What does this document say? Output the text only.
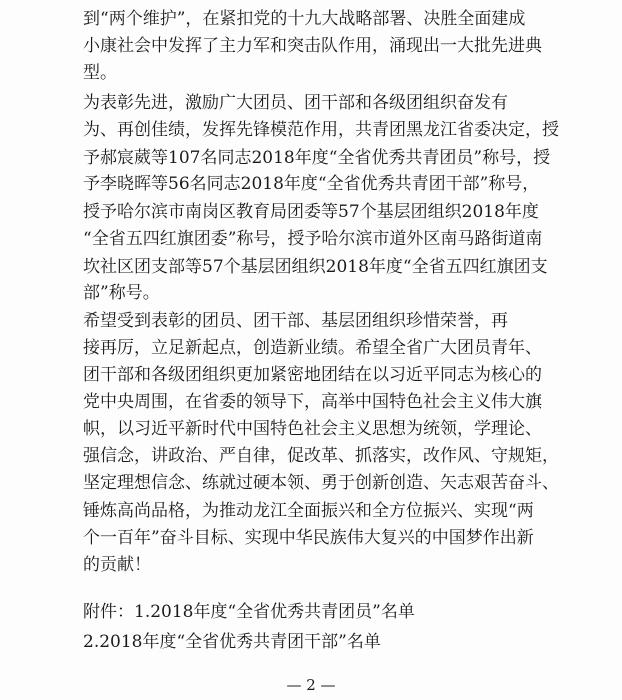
到“两个维护”，在紧扣党的十九大战略部署、决胜全面建成
小康社会中发挥了主力军和突击队作用，涌现出一大批先进典
型。
为表彰先进，激励广大团员、团干部和各级团组织奋发有
为、再创佳绩，发挥先锋模范作用，共青团黑龙江省委决定，授
予郝宸葳等107名同志2018年度“全省优秀共青团员”称号，授
予李晓晖等56名同志2018年度“全省优秀共青团干部”称号，
授予哈尔滨市南岗区教育局团委等57个基层团组织2018年度
“全省五四红旗团委”称号，授予哈尔滨市道外区南马路街道南
坎社区团支部等57个基层团组织2018年度“全省五四红旗团支
部”称号。
希望受到表彰的团员、团干部、基层团组织珍惜荣誉，再
接再厉，立足新起点，创造新业绩。希望全省广大团员青年、
团干部和各级团组织更加紧密地团结在以习近平同志为核心的
党中央周围，在省委的领导下，高举中国特色社会主义伟大旗
帜，以习近平新时代中国特色社会主义思想为统领，学理论、
强信念，讲政治、严自律，促改革、抓落实，改作风、守规矩，
坚定理想信念、练就过硬本领、勇于创新创造、矢志艰苦奋斗、
锤炼高尚品格，为推动龙江全面振兴和全方位振兴、实现“两
个一百年”奋斗目标、实现中华民族伟大复兴的中国梦作出新
的贡献！
附件：1.2018年度“全省优秀共青团员”名单
2.2018年度“全省优秀共青团干部”名单
— 2 —
